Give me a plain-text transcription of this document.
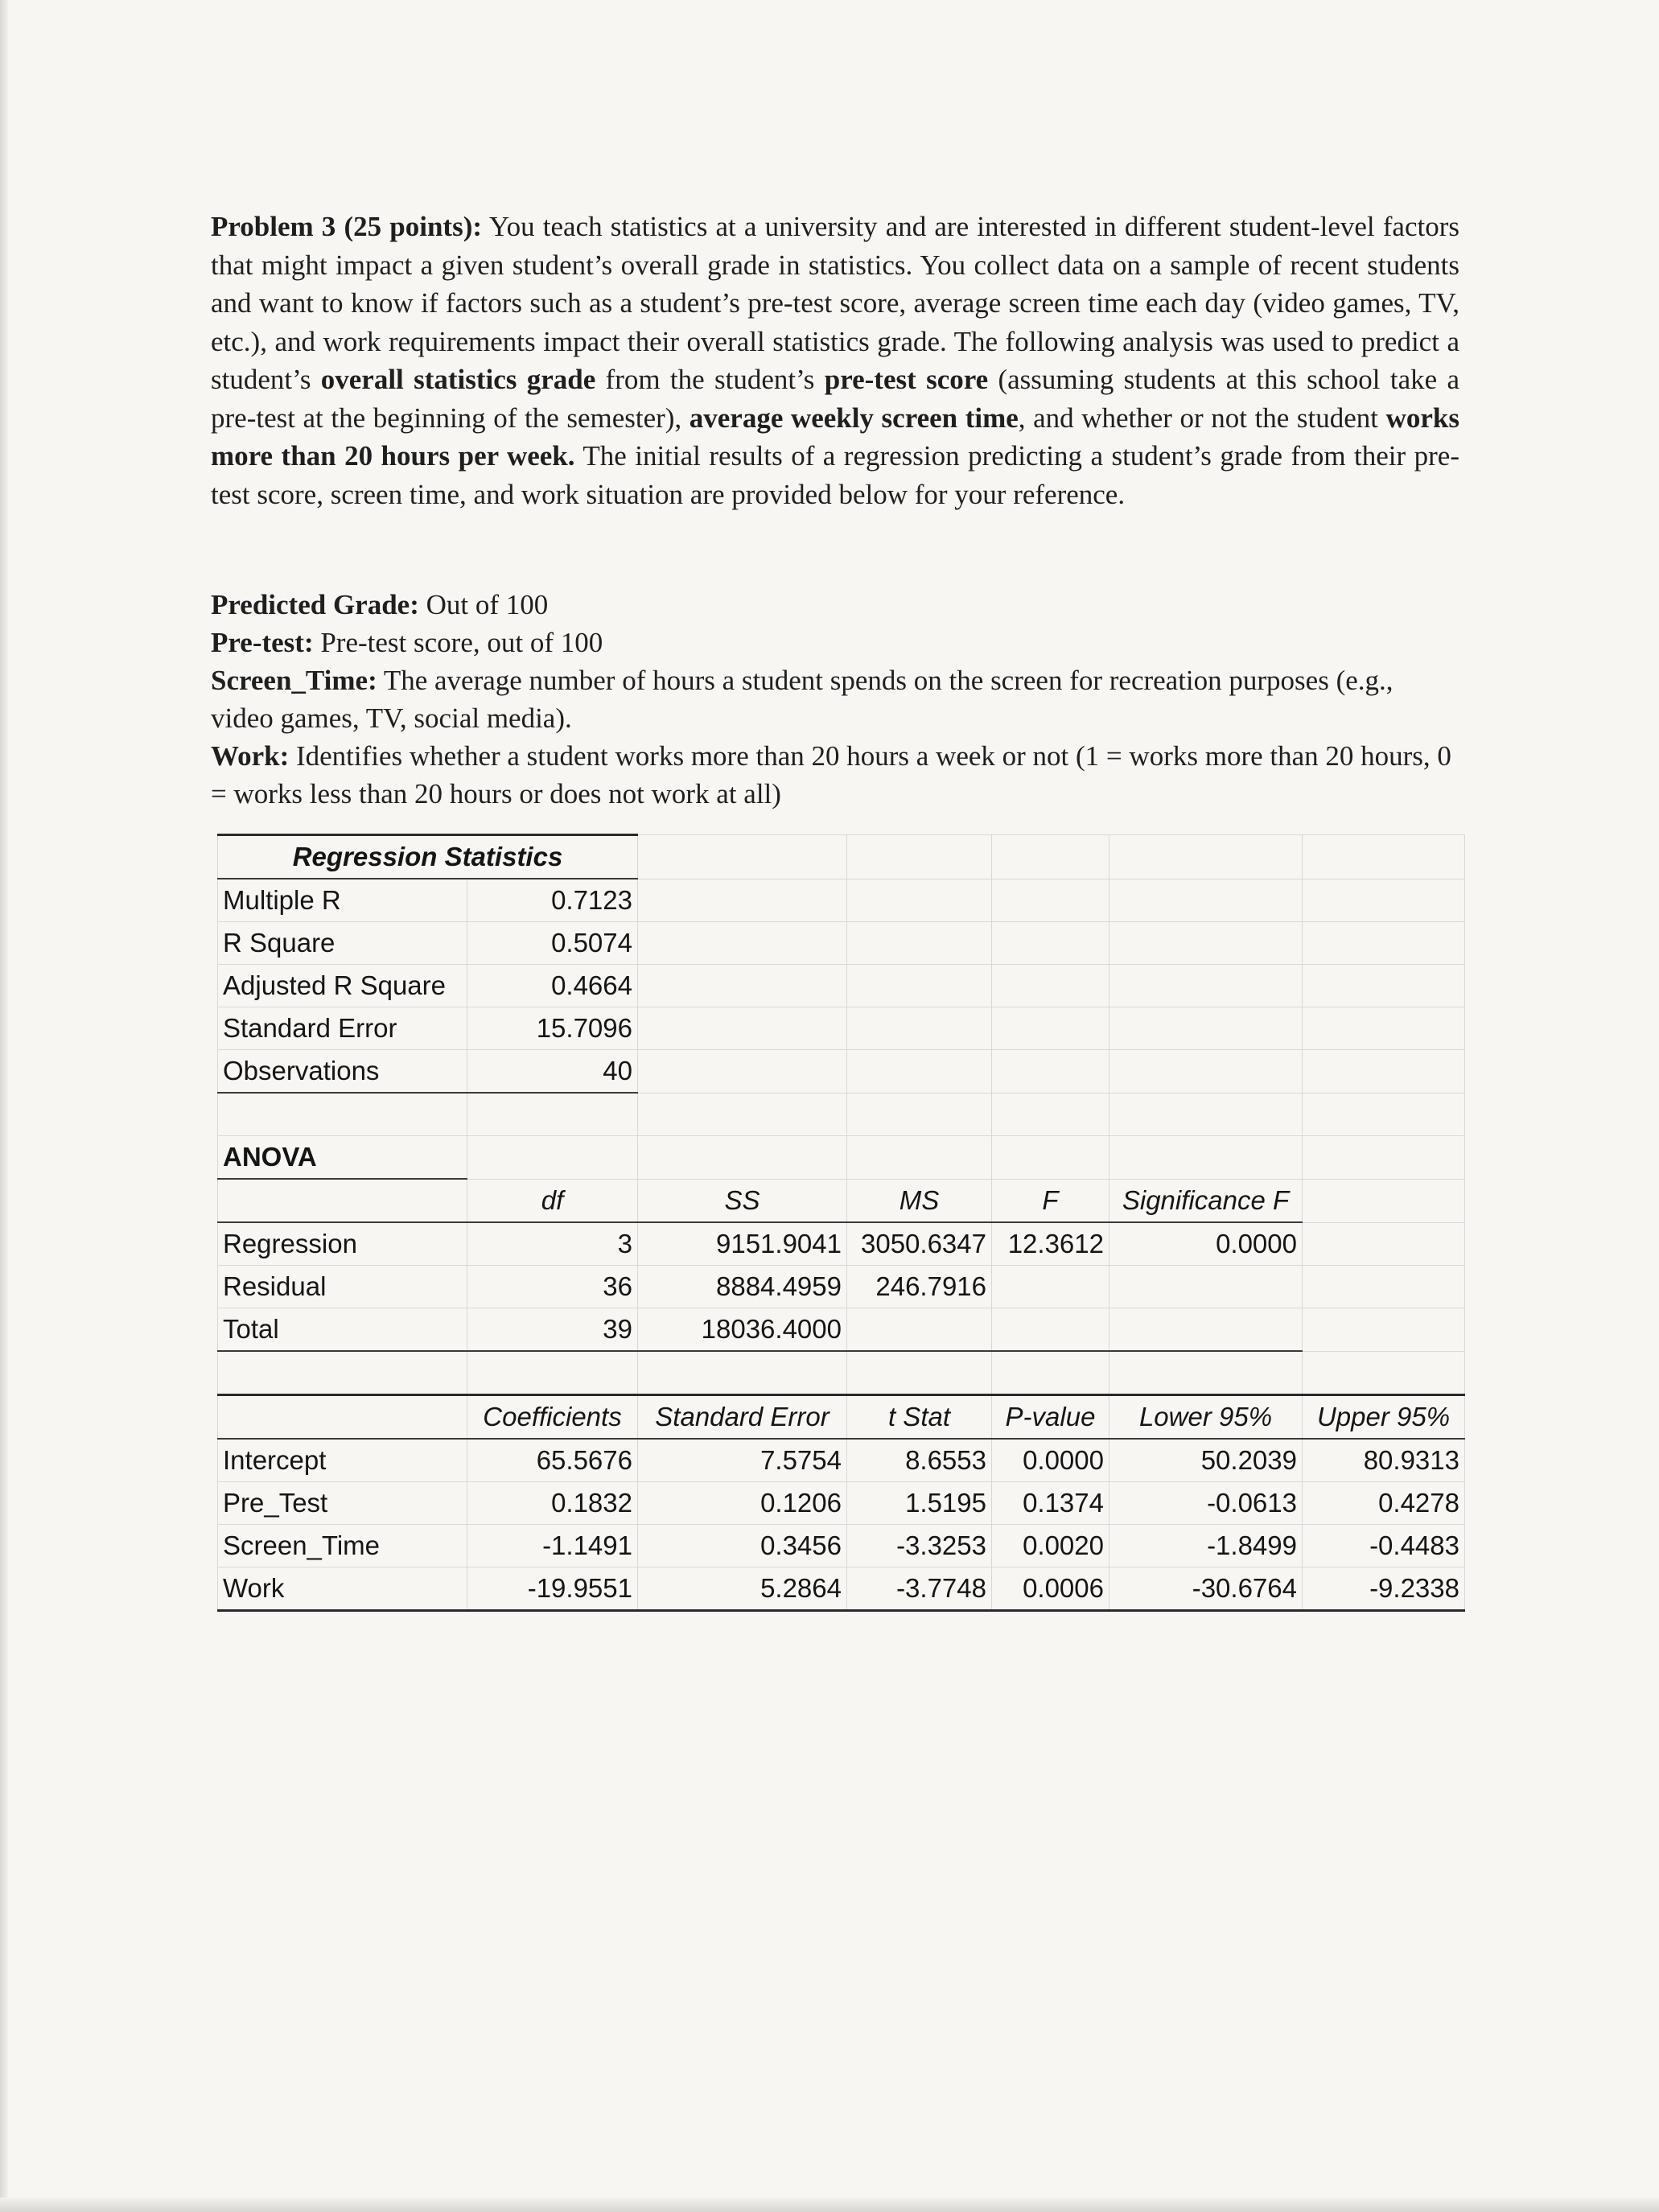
Problem 3 (25 points): You teach statistics at a university and are interested in different student-level factors that might impact a given student’s overall grade in statistics. You collect data on a sample of recent students and want to know if factors such as a student’s pre-test score, average screen time each day (video games, TV, etc.), and work requirements impact their overall statistics grade. The following analysis was used to predict a student’s overall statistics grade from the student’s pre-test score (assuming students at this school take a pre-test at the beginning of the semester), average weekly screen time, and whether or not the student works more than 20 hours per week. The initial results of a regression predicting a student’s grade from their pre-test score, screen time, and work situation are provided below for your reference.

Predicted Grade: Out of 100

Pre-test: Pre-test score, out of 100

Screen_Time: The average number of hours a student spends on the screen for recreation purposes (e.g., video games, TV, social media).

Work: Identifies whether a student works more than 20 hours a week or not (1 = works more than 20 hours, 0 = works less than 20 hours or does not work at all)

Regression Statistics						
Multiple R	0.7123					
R Square	0.5074					
Adjusted R Square	0.4664					
Standard Error	15.7096					
Observations	40					

ANOVA						
	df	SS	MS	F	Significance F	
Regression	3	9151.9041	3050.6347	12.3612	0.0000	
Residual	36	8884.4959	246.7916			
Total	39	18036.4000				

	Coefficients	Standard Error	t Stat	P-value	Lower 95%	Upper 95%
Intercept	65.5676	7.5754	8.6553	0.0000	50.2039	80.9313
Pre_Test	0.1832	0.1206	1.5195	0.1374	-0.0613	0.4278
Screen_Time	-1.1491	0.3456	-3.3253	0.0020	-1.8499	-0.4483
Work	-19.9551	5.2864	-3.7748	0.0006	-30.6764	-9.2338
